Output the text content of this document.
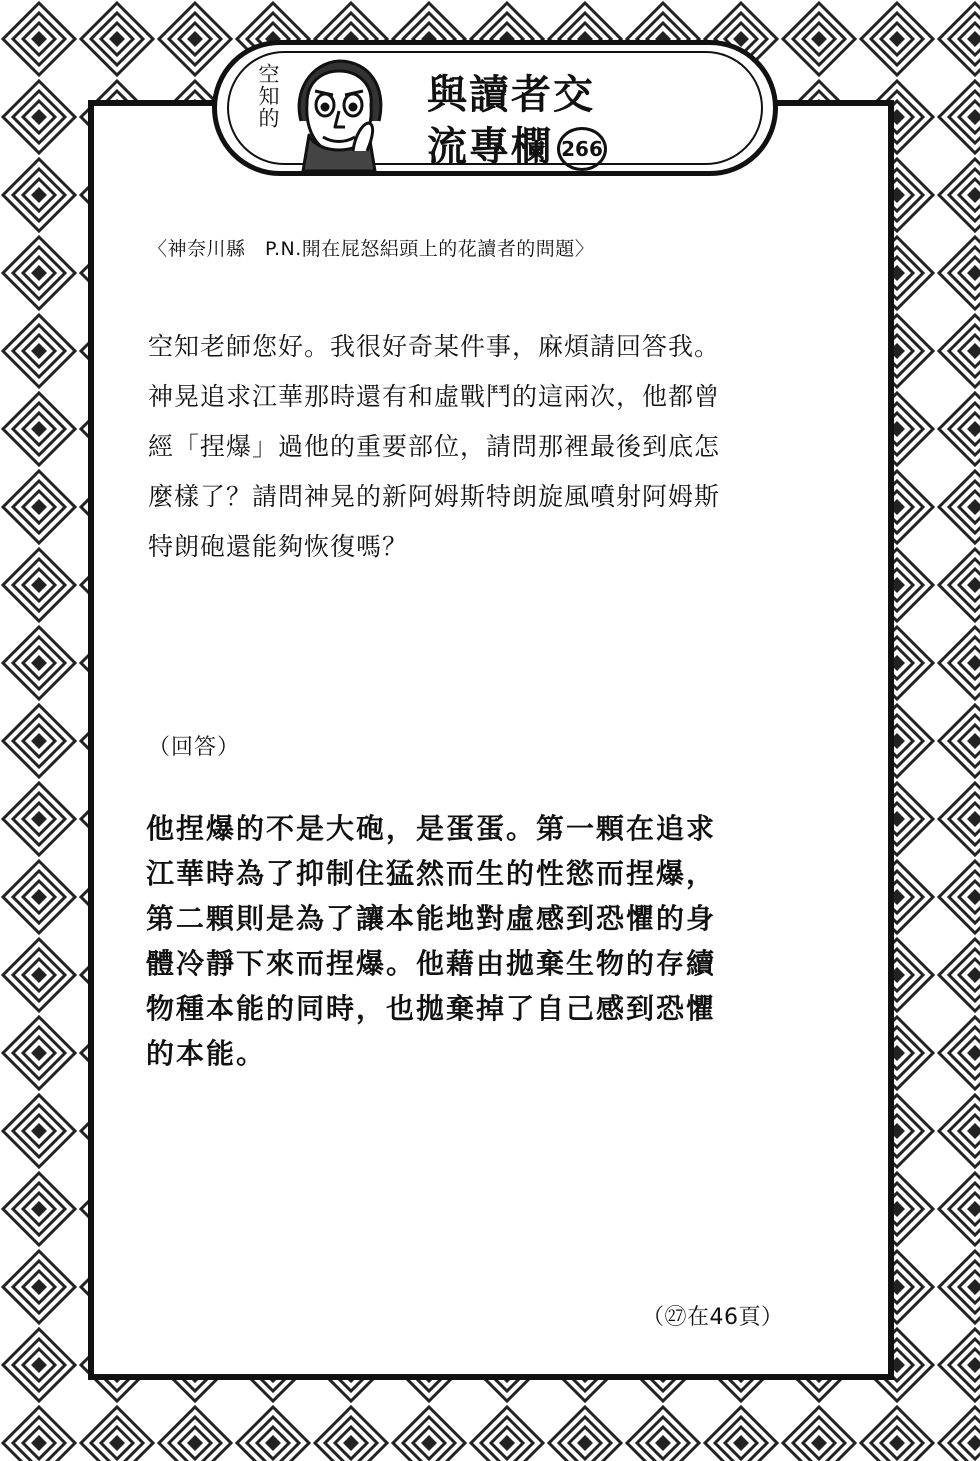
空知的	與讀者交
流專欄 266
〈神奈川縣　P.N.開在屁怒絽頭上的花讀者的問題〉
空知老師您好。我很好奇某件事，麻煩請回答我。
神晃追求江華那時還有和虛戰鬥的這兩次，他都曾
經「捏爆」過他的重要部位，請問那裡最後到底怎
麼樣了？請問神晃的新阿姆斯特朗旋風噴射阿姆斯
特朗砲還能夠恢復嗎？
（回答）
他捏爆的不是大砲，是蛋蛋。第一顆在追求
江華時為了抑制住猛然而生的性慾而捏爆，
第二顆則是為了讓本能地對虛感到恐懼的身
體冷靜下來而捏爆。他藉由拋棄生物的存續
物種本能的同時，也拋棄掉了自己感到恐懼
的本能。
（㉗在46頁）
